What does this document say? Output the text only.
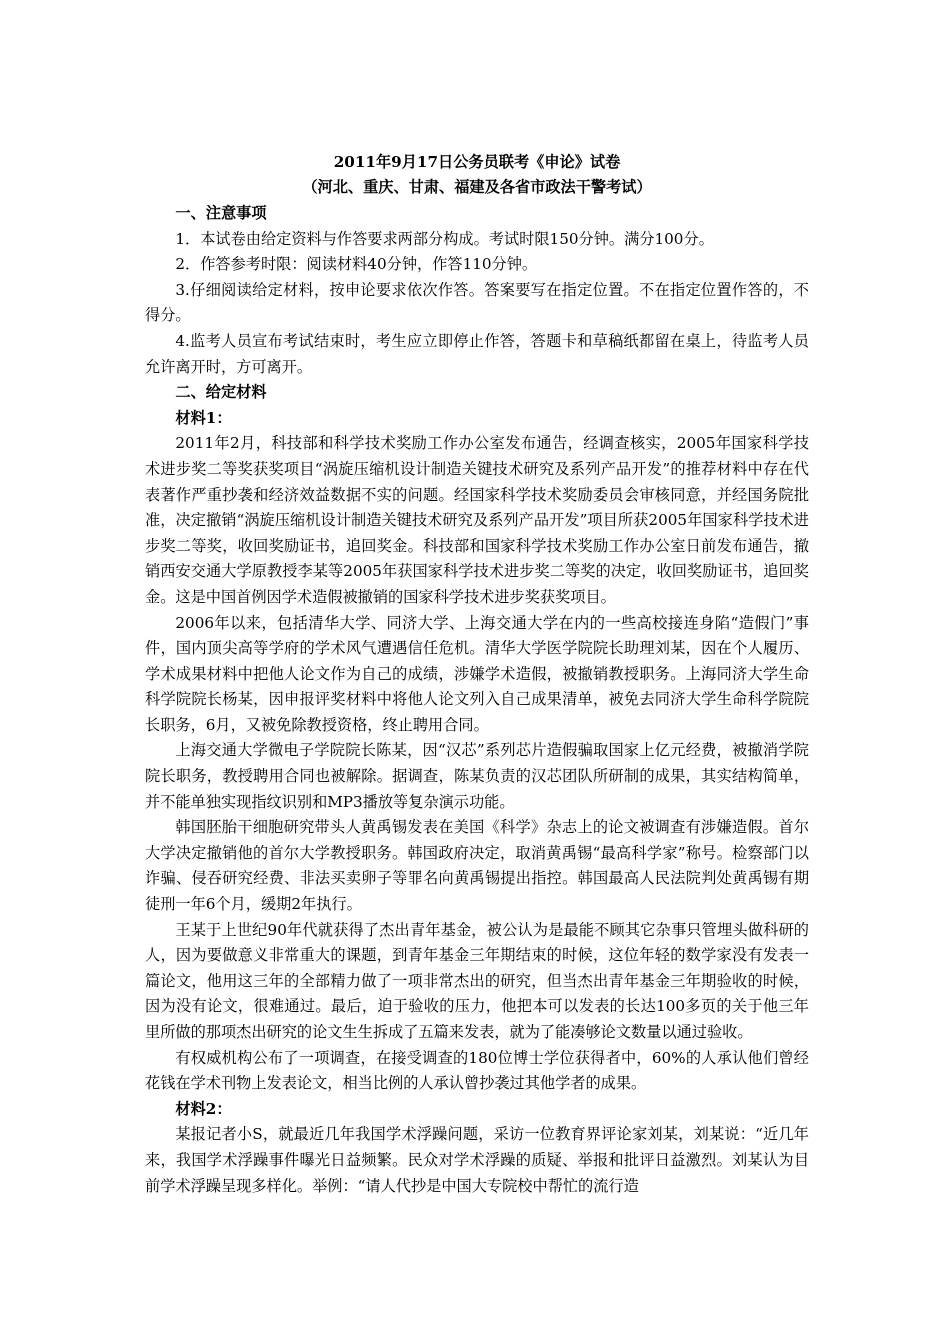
2011年9月17日公务员联考《申论》试卷

（河北、重庆、甘肃、福建及各省市政法干警考试）

一、注意事项

1．本试卷由给定资料与作答要求两部分构成。考试时限150分钟。满分100分。

2．作答参考时限：阅读材料40分钟，作答110分钟。

3.仔细阅读给定材料，按申论要求依次作答。答案要写在指定位置。不在指定位置作答的，不得分。

4.监考人员宣布考试结束时，考生应立即停止作答，答题卡和草稿纸都留在桌上，待监考人员允许离开时，方可离开。

二、给定材料

材料1：

2011年2月，科技部和科学技术奖励工作办公室发布通告，经调查核实，2005年国家科学技术进步奖二等奖获奖项目“涡旋压缩机设计制造关键技术研究及系列产品开发”的推荐材料中存在代表著作严重抄袭和经济效益数据不实的问题。经国家科学技术奖励委员会审核同意，并经国务院批准，决定撤销“涡旋压缩机设计制造关键技术研究及系列产品开发”项目所获2005年国家科学技术进步奖二等奖，收回奖励证书，追回奖金。科技部和国家科学技术奖励工作办公室日前发布通告，撤销西安交通大学原教授李某等2005年获国家科学技术进步奖二等奖的决定，收回奖励证书，追回奖金。这是中国首例因学术造假被撤销的国家科学技术进步奖获奖项目。

2006年以来，包括清华大学、同济大学、上海交通大学在内的一些高校接连身陷“造假门”事件，国内顶尖高等学府的学术风气遭遇信任危机。清华大学医学院院长助理刘某，因在个人履历、学术成果材料中把他人论文作为自己的成绩，涉嫌学术造假，被撤销教授职务。上海同济大学生命科学院院长杨某，因申报评奖材料中将他人论文列入自己成果清单，被免去同济大学生命科学院院长职务，6月，又被免除教授资格，终止聘用合同。

上海交通大学微电子学院院长陈某，因“汉芯”系列芯片造假骗取国家上亿元经费，被撤消学院院长职务，教授聘用合同也被解除。据调查，陈某负责的汉芯团队所研制的成果，其实结构简单，并不能单独实现指纹识别和MP3播放等复杂演示功能。

韩国胚胎干细胞研究带头人黄禹锡发表在美国《科学》杂志上的论文被调查有涉嫌造假。首尔大学决定撤销他的首尔大学教授职务。韩国政府决定，取消黄禹锡“最高科学家”称号。检察部门以诈骗、侵吞研究经费、非法买卖卵子等罪名向黄禹锡提出指控。韩国最高人民法院判处黄禹锡有期徒刑一年6个月，缓期2年执行。

王某于上世纪90年代就获得了杰出青年基金，被公认为是最能不顾其它杂事只管埋头做科研的人，因为要做意义非常重大的课题，到青年基金三年期结束的时候，这位年轻的数学家没有发表一篇论文，他用这三年的全部精力做了一项非常杰出的研究，但当杰出青年基金三年期验收的时候，因为没有论文，很难通过。最后，迫于验收的压力，他把本可以发表的长达100多页的关于他三年里所做的那项杰出研究的论文生生拆成了五篇来发表，就为了能凑够论文数量以通过验收。

有权威机构公布了一项调查，在接受调查的180位博士学位获得者中，60%的人承认他们曾经花钱在学术刊物上发表论文，相当比例的人承认曾抄袭过其他学者的成果。

材料2：

某报记者小S，就最近几年我国学术浮躁问题，采访一位教育界评论家刘某，刘某说：“近几年来，我国学术浮躁事件曝光日益频繁。民众对学术浮躁的质疑、举报和批评日益激烈。刘某认为目前学术浮躁呈现多样化。举例：“请人代抄是中国大专院校中帮忙的流行造
